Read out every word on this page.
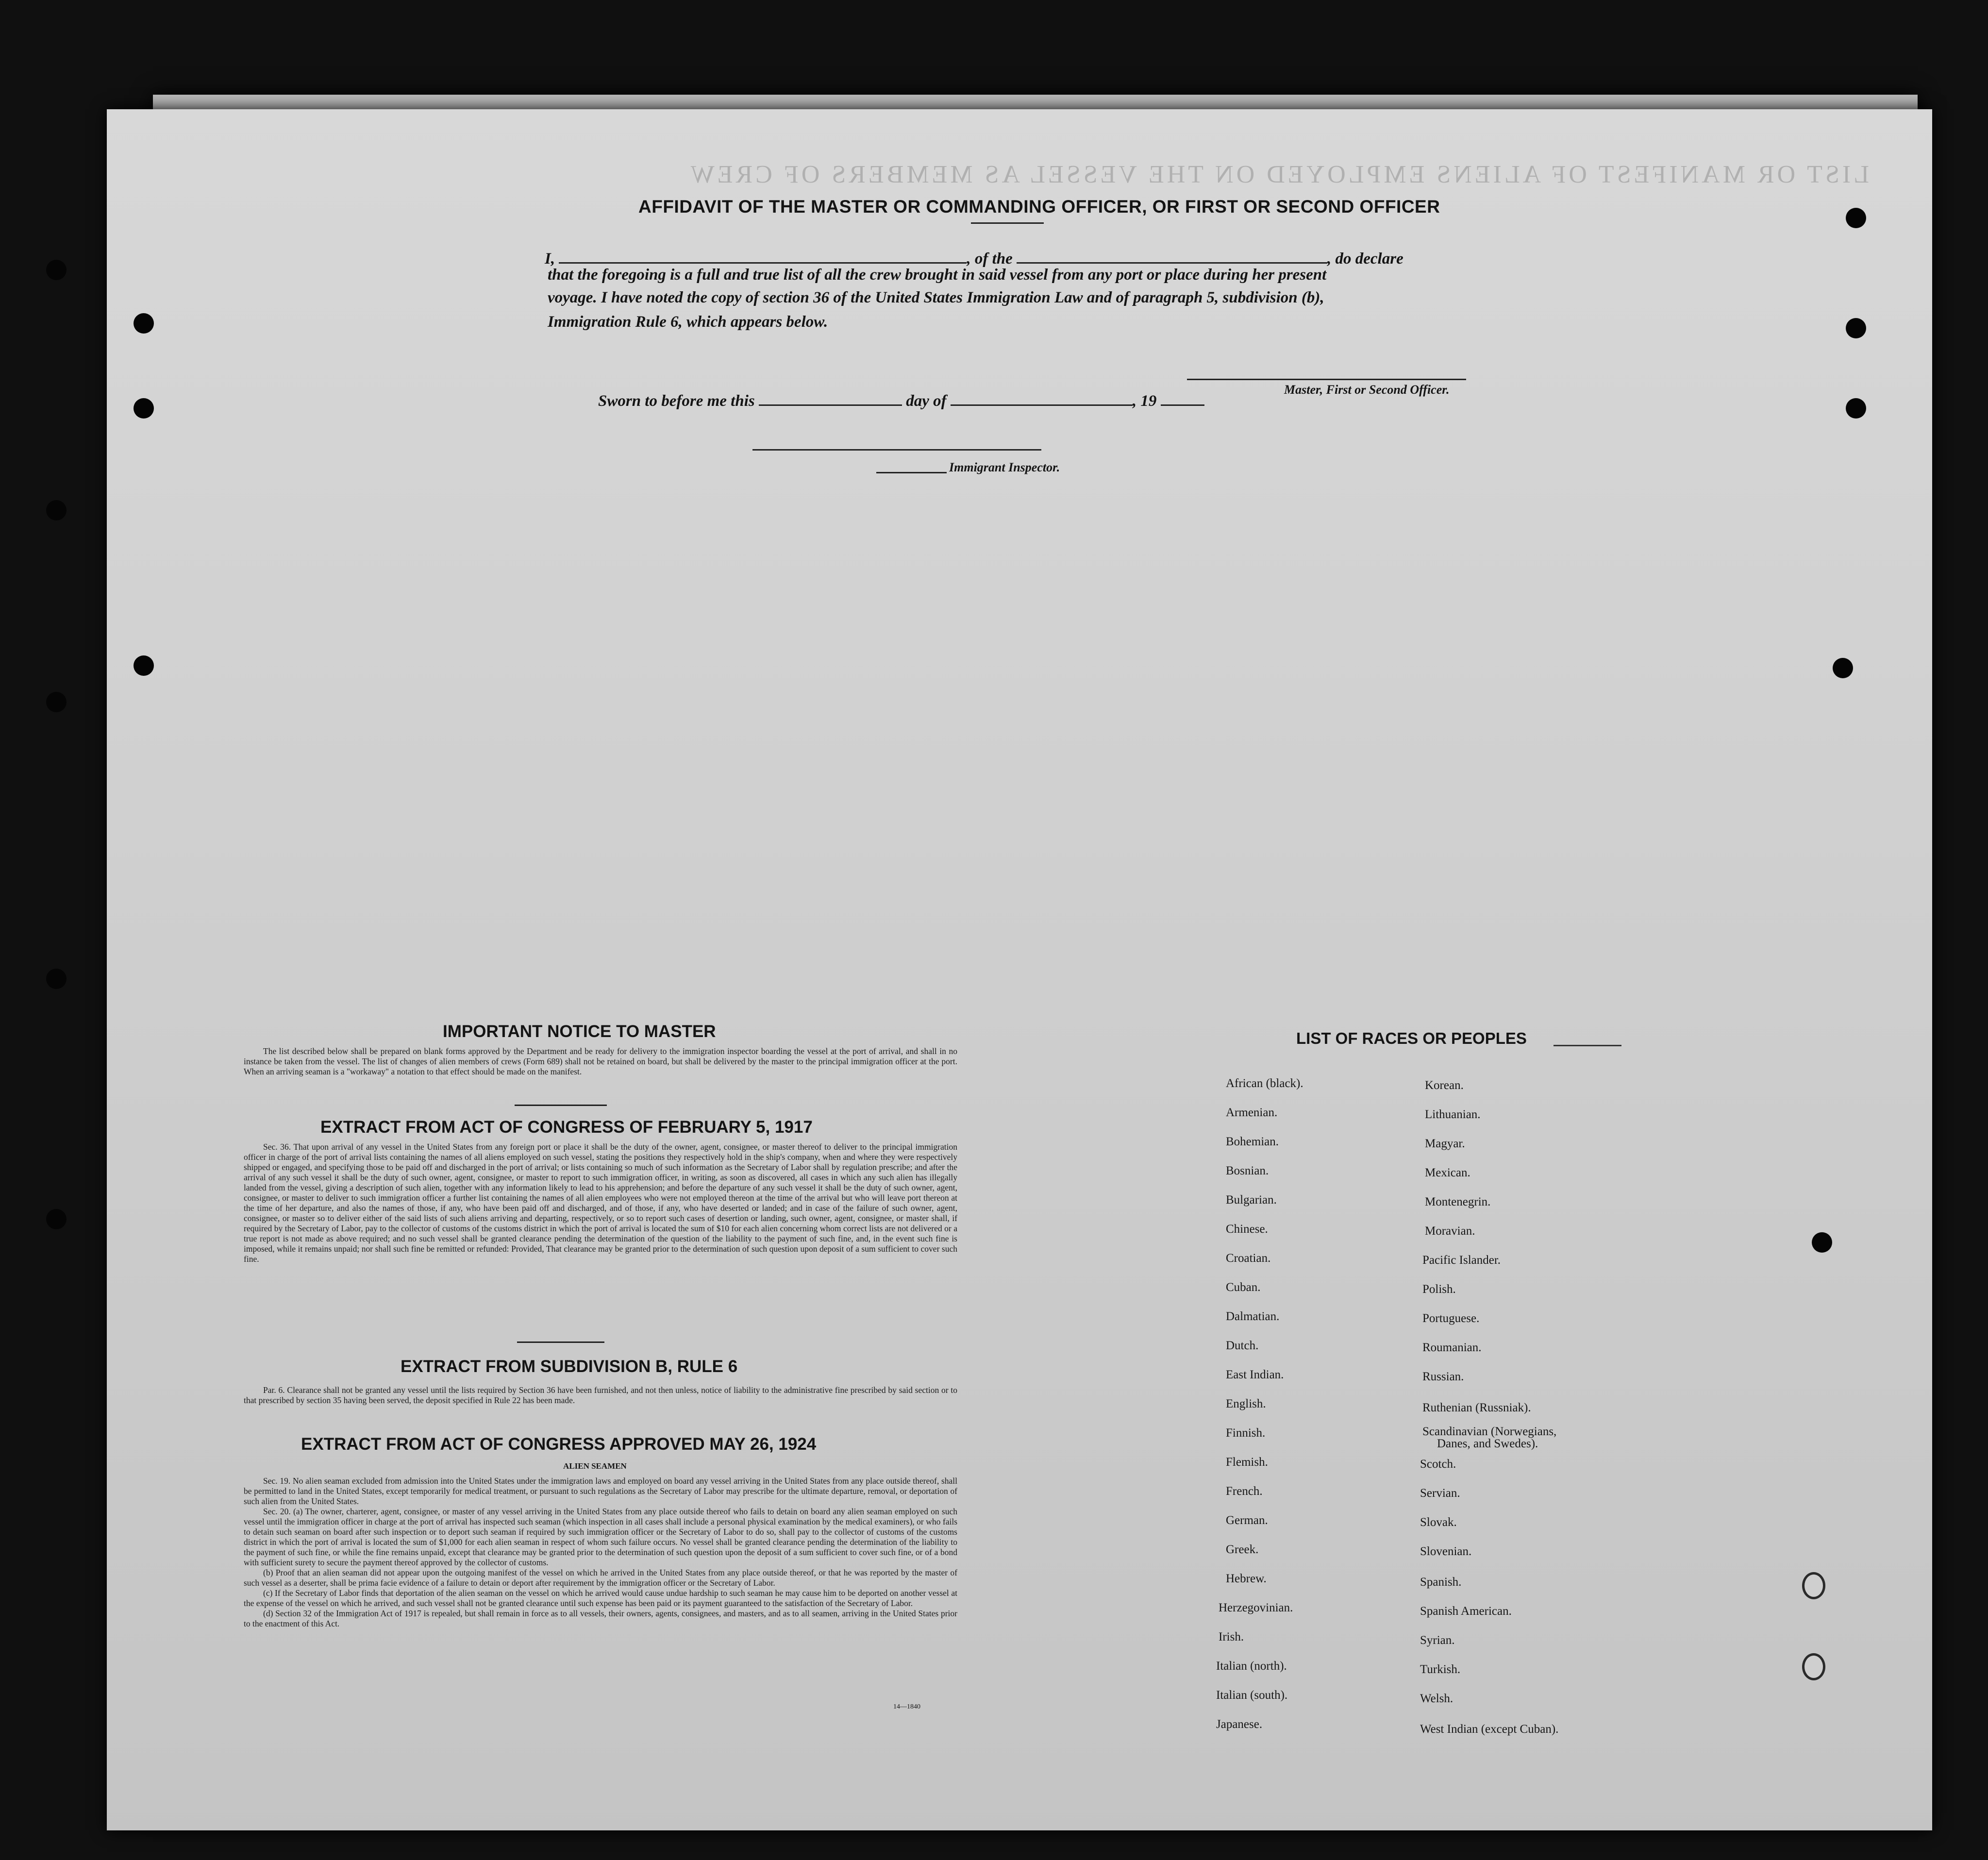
LIST OR MANIFEST OF ALIENS EMPLOYED ON THE VESSEL AS MEMBERS OF CREW
AFFIDAVIT OF THE MASTER OR COMMANDING OFFICER, OR FIRST OR SECOND OFFICER
I,	, of the	, do declare
that the foregoing is a full and true list of all the crew brought in said vessel from any port or place during her present
voyage. I have noted the copy of section 36 of the United States Immigration Law and of paragraph 5, subdivision (b),
Immigration Rule 6, which appears below.
Master, First or Second Officer.
Sworn to before me this	day of	, 19
Immigrant Inspector.
IMPORTANT NOTICE TO MASTER

The list described below shall be prepared on blank forms approved by the Department and be ready for delivery to the immigration inspector boarding the vessel at the port of arrival, and shall in no instance be taken from the vessel. The list of changes of alien members of crews (Form 689) shall not be retained on board, but shall be delivered by the master to the principal immigration officer at the port. When an arriving seaman is a "workaway" a notation to that effect should be made on the manifest.

EXTRACT FROM ACT OF CONGRESS OF FEBRUARY 5, 1917

Sec. 36. That upon arrival of any vessel in the United States from any foreign port or place it shall be the duty of the owner, agent, consignee, or master thereof to deliver to the principal immigration officer in charge of the port of arrival lists containing the names of all aliens employed on such vessel, stating the positions they respectively hold in the ship's company, when and where they were respectively shipped or engaged, and specifying those to be paid off and discharged in the port of arrival; or lists containing so much of such information as the Secretary of Labor shall by regulation prescribe; and after the arrival of any such vessel it shall be the duty of such owner, agent, consignee, or master to report to such immigration officer, in writing, as soon as discovered, all cases in which any such alien has illegally landed from the vessel, giving a description of such alien, together with any information likely to lead to his apprehension; and before the departure of any such vessel it shall be the duty of such owner, agent, consignee, or master to deliver to such immigration officer a further list containing the names of all alien employees who were not employed thereon at the time of the arrival but who will leave port thereon at the time of her departure, and also the names of those, if any, who have been paid off and discharged, and of those, if any, who have deserted or landed; and in case of the failure of such owner, agent, consignee, or master so to deliver either of the said lists of such aliens arriving and departing, respectively, or so to report such cases of desertion or landing, such owner, agent, consignee, or master shall, if required by the Secretary of Labor, pay to the collector of customs of the customs district in which the port of arrival is located the sum of $10 for each alien concerning whom correct lists are not delivered or a true report is not made as above required; and no such vessel shall be granted clearance pending the determination of the question of the liability to the payment of such fine, and, in the event such fine is imposed, while it remains unpaid; nor shall such fine be remitted or refunded: Provided, That clearance may be granted prior to the determination of such question upon deposit of a sum sufficient to cover such fine.

EXTRACT FROM SUBDIVISION B, RULE 6

Par. 6. Clearance shall not be granted any vessel until the lists required by Section 36 have been furnished, and not then unless, notice of liability to the administrative fine prescribed by said section or to that prescribed by section 35 having been served, the deposit specified in Rule 22 has been made.

EXTRACT FROM ACT OF CONGRESS APPROVED MAY 26, 1924
ALIEN SEAMEN

Sec. 19. No alien seaman excluded from admission into the United States under the immigration laws and employed on board any vessel arriving in the United States from any place outside thereof, shall be permitted to land in the United States, except temporarily for medical treatment, or pursuant to such regulations as the Secretary of Labor may prescribe for the ultimate departure, removal, or deportation of such alien from the United States.

Sec. 20. (a) The owner, charterer, agent, consignee, or master of any vessel arriving in the United States from any place outside thereof who fails to detain on board any alien seaman employed on such vessel until the immigration officer in charge at the port of arrival has inspected such seaman (which inspection in all cases shall include a personal physical examination by the medical examiners), or who fails to detain such seaman on board after such inspection or to deport such seaman if required by such immigration officer or the Secretary of Labor to do so, shall pay to the collector of customs of the customs district in which the port of arrival is located the sum of $1,000 for each alien seaman in respect of whom such failure occurs. No vessel shall be granted clearance pending the determination of the liability to the payment of such fine, or while the fine remains unpaid, except that clearance may be granted prior to the determination of such question upon the deposit of a sum sufficient to cover such fine, or of a bond with sufficient surety to secure the payment thereof approved by the collector of customs.

(b) Proof that an alien seaman did not appear upon the outgoing manifest of the vessel on which he arrived in the United States from any place outside thereof, or that he was reported by the master of such vessel as a deserter, shall be prima facie evidence of a failure to detain or deport after requirement by the immigration officer or the Secretary of Labor.

(c) If the Secretary of Labor finds that deportation of the alien seaman on the vessel on which he arrived would cause undue hardship to such seaman he may cause him to be deported on another vessel at the expense of the vessel on which he arrived, and such vessel shall not be granted clearance until such expense has been paid or its payment guaranteed to the satisfaction of the Secretary of Labor.

(d) Section 32 of the Immigration Act of 1917 is repealed, but shall remain in force as to all vessels, their owners, agents, consignees, and masters, and as to all seamen, arriving in the United States prior to the enactment of this Act.

14—1840
LIST OF RACES OR PEOPLES
African (black).
Armenian.
Bohemian.
Bosnian.
Bulgarian.
Chinese.
Croatian.
Cuban.
Dalmatian.
Dutch.
East Indian.
English.
Finnish.
Flemish.
French.
German.
Greek.
Hebrew.
Herzegovinian.
Irish.
Italian (north).
Italian (south).
Japanese.
Korean.
Lithuanian.
Magyar.
Mexican.
Montenegrin.
Moravian.
Pacific Islander.
Polish.
Portuguese.
Roumanian.
Russian.
Ruthenian (Russniak).
Scandinavian (Norwegians,
Danes, and Swedes).
Scotch.
Servian.
Slovak.
Slovenian.
Spanish.
Spanish American.
Syrian.
Turkish.
Welsh.
West Indian (except Cuban).
